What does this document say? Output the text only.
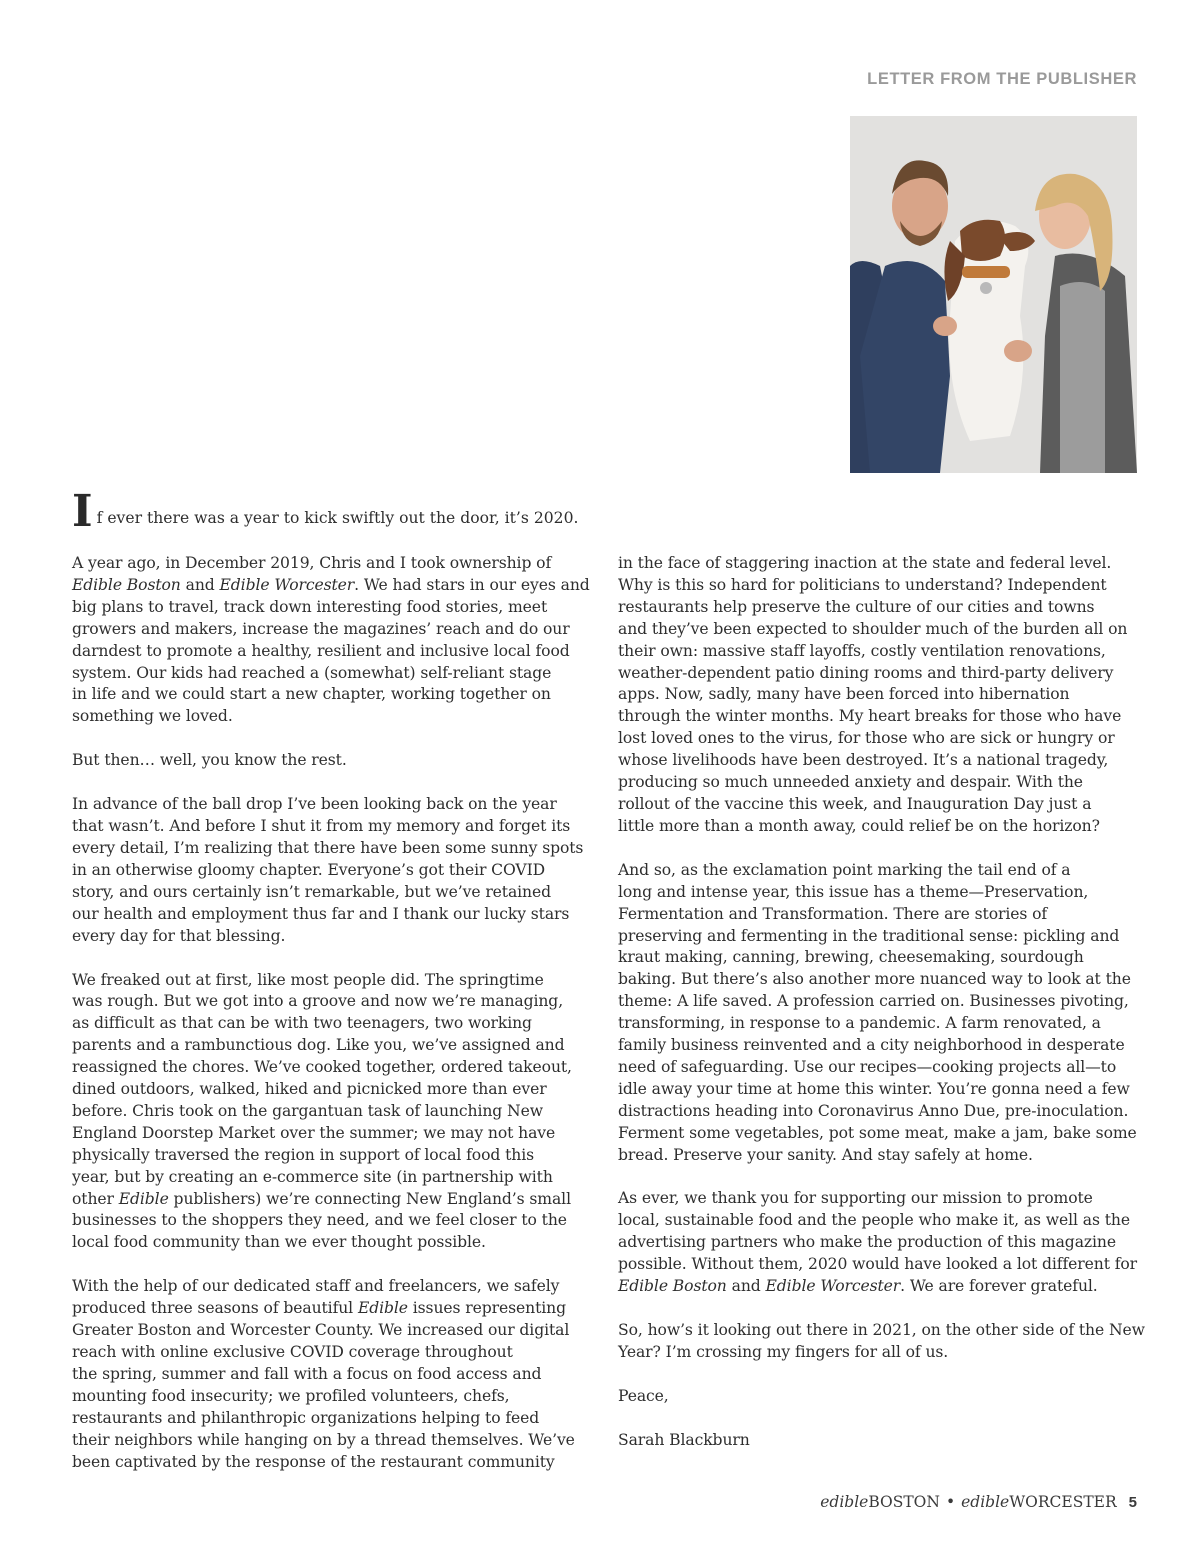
LETTER FROM THE PUBLISHER
If ever there was a year to kick swiftly out the door, it’s 2020.

A year ago, in December 2019, Chris and I took ownership of
Edible Boston and Edible Worcester. We had stars in our eyes and
big plans to travel, track down interesting food stories, meet
growers and makers, increase the magazines’ reach and do our
darndest to promote a healthy, resilient and inclusive local food
system. Our kids had reached a (somewhat) self-reliant stage
in life and we could start a new chapter, working together on
something we loved.

But then… well, you know the rest.

In advance of the ball drop I’ve been looking back on the year
that wasn’t. And before I shut it from my memory and forget its
every detail, I’m realizing that there have been some sunny spots
in an otherwise gloomy chapter. Everyone’s got their COVID
story, and ours certainly isn’t remarkable, but we’ve retained
our health and employment thus far and I thank our lucky stars
every day for that blessing.

We freaked out at first, like most people did. The springtime
was rough. But we got into a groove and now we’re managing,
as difficult as that can be with two teenagers, two working
parents and a rambunctious dog. Like you, we’ve assigned and
reassigned the chores. We’ve cooked together, ordered takeout,
dined outdoors, walked, hiked and picnicked more than ever
before. Chris took on the gargantuan task of launching New
England Doorstep Market over the summer; we may not have
physically traversed the region in support of local food this
year, but by creating an e-commerce site (in partnership with
other Edible publishers) we’re connecting New England’s small
businesses to the shoppers they need, and we feel closer to the
local food community than we ever thought possible.

With the help of our dedicated staff and freelancers, we safely
produced three seasons of beautiful Edible issues representing
Greater Boston and Worcester County. We increased our digital
reach with online exclusive COVID coverage throughout
the spring, summer and fall with a focus on food access and
mounting food insecurity; we profiled volunteers, chefs,
restaurants and philanthropic organizations helping to feed
their neighbors while hanging on by a thread themselves. We’ve
been captivated by the response of the restaurant community

in the face of staggering inaction at the state and federal level.
Why is this so hard for politicians to understand? Independent
restaurants help preserve the culture of our cities and towns
and they’ve been expected to shoulder much of the burden all on
their own: massive staff layoffs, costly ventilation renovations,
weather-dependent patio dining rooms and third-party delivery
apps. Now, sadly, many have been forced into hibernation
through the winter months. My heart breaks for those who have
lost loved ones to the virus, for those who are sick or hungry or
whose livelihoods have been destroyed. It’s a national tragedy,
producing so much unneeded anxiety and despair. With the
rollout of the vaccine this week, and Inauguration Day just a
little more than a month away, could relief be on the horizon?

And so, as the exclamation point marking the tail end of a
long and intense year, this issue has a theme—Preservation,
Fermentation and Transformation. There are stories of
preserving and fermenting in the traditional sense: pickling and
kraut making, canning, brewing, cheesemaking, sourdough
baking. But there’s also another more nuanced way to look at the
theme: A life saved. A profession carried on. Businesses pivoting,
transforming, in response to a pandemic. A farm renovated, a
family business reinvented and a city neighborhood in desperate
need of safeguarding. Use our recipes—cooking projects all—to
idle away your time at home this winter. You’re gonna need a few
distractions heading into Coronavirus Anno Due, pre-inoculation.
Ferment some vegetables, pot some meat, make a jam, bake some
bread. Preserve your sanity. And stay safely at home.

As ever, we thank you for supporting our mission to promote
local, sustainable food and the people who make it, as well as the
advertising partners who make the production of this magazine
possible. Without them, 2020 would have looked a lot different for
Edible Boston and Edible Worcester. We are forever grateful.

So, how’s it looking out there in 2021, on the other side of the New
Year? I’m crossing my fingers for all of us.

Peace,

Sarah Blackburn

edibleBOSTON • edibleWORCESTER 5
